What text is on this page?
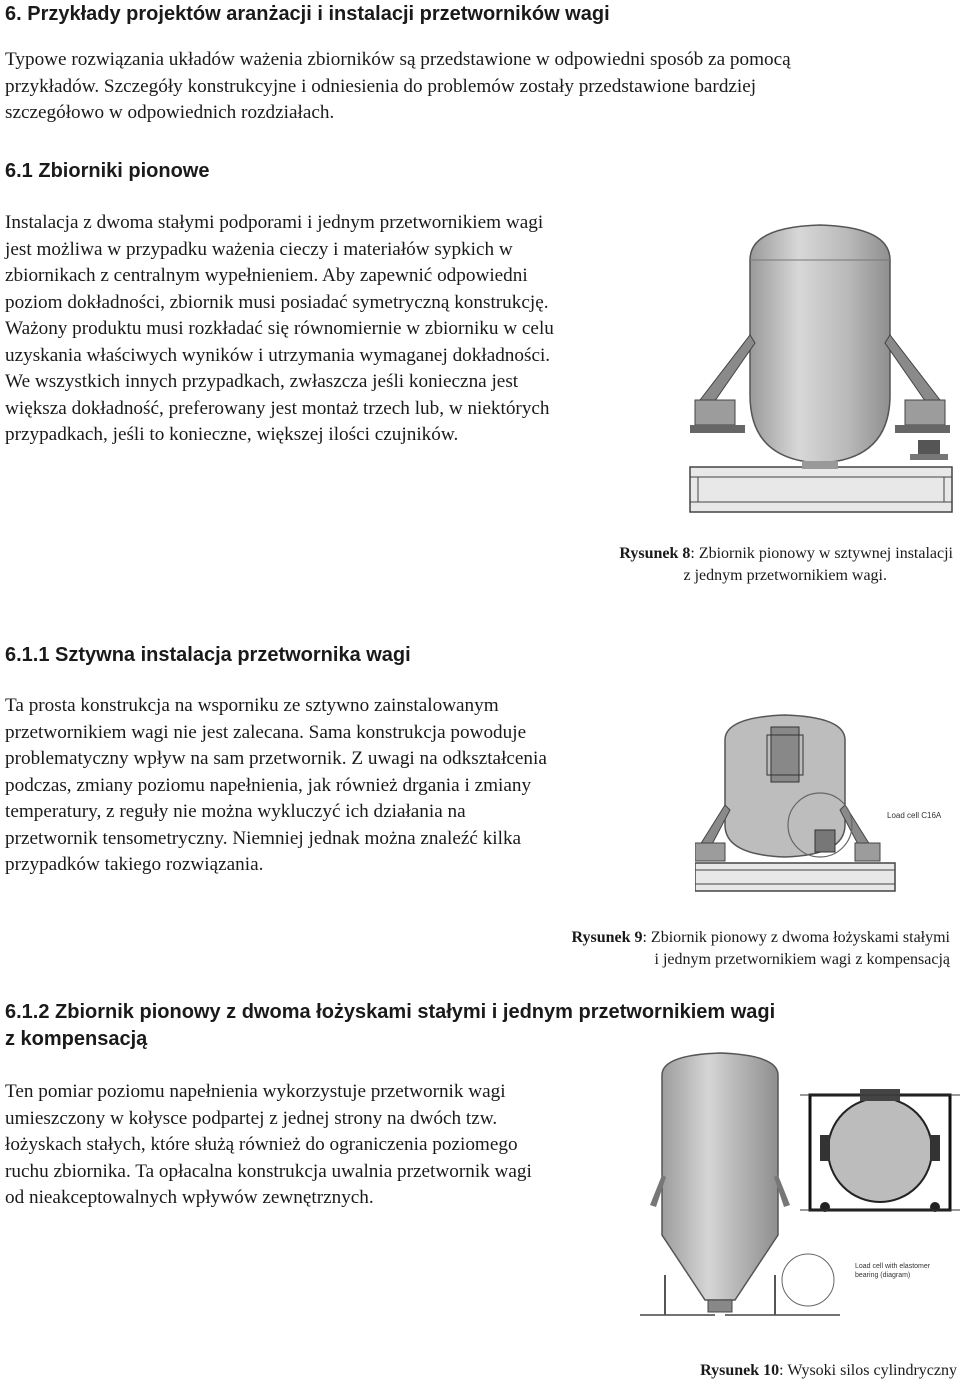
6. Przykłady projektów aranżacji i instalacji przetworników wagi
Typowe rozwiązania układów ważenia zbiorników są przedstawione w odpowiedni sposób za pomocą
przykładów. Szczegóły konstrukcyjne i odniesienia do problemów zostały przedstawione bardziej
szczegółowo w odpowiednich rozdziałach.
6.1 Zbiorniki pionowe
Instalacja z dwoma stałymi podporami i jednym przetwornikiem wagi
jest możliwa w przypadku ważenia cieczy i materiałów sypkich w
zbiornikach z centralnym wypełnieniem. Aby zapewnić odpowiedni
poziom dokładności, zbiornik musi posiadać symetryczną konstrukcję.
Ważony produktu musi rozkładać się równomiernie w zbiorniku w celu
uzyskania właściwych wyników i utrzymania wymaganej dokładności.
We wszystkich innych przypadkach, zwłaszcza jeśli konieczna jest
większa dokładność, preferowany jest montaż trzech lub, w niektórych
przypadkach, jeśli to konieczne, większej ilości czujników.
Rysunek 8: Zbiornik pionowy w sztywnej instalacji
z jednym przetwornikiem wagi.
6.1.1 Sztywna instalacja przetwornika wagi
Ta prosta konstrukcja na wsporniku ze sztywno zainstalowanym
przetwornikiem wagi nie jest zalecana. Sama konstrukcja powoduje
problematyczny wpływ na sam przetwornik. Z uwagi na odkształcenia
podczas, zmiany poziomu napełnienia, jak również drgania i zmiany
temperatury, z reguły nie można wykluczyć ich działania na
przetwornik tensometryczny. Niemniej jednak można znaleźć kilka
przypadków takiego rozwiązania.
Load cell C16A
Rysunek 9: Zbiornik pionowy z dwoma łożyskami stałymi
i jednym przetwornikiem wagi z kompensacją
6.1.2 Zbiornik pionowy z dwoma łożyskami stałymi i jednym przetwornikiem wagi
z kompensacją
Ten pomiar poziomu napełnienia wykorzystuje przetwornik wagi
umieszczony w kołysce podpartej z jednej strony na dwóch tzw.
łożyskach stałych, które służą również do ograniczenia poziomego
ruchu zbiornika. Ta opłacalna konstrukcja uwalnia przetwornik wagi
od nieakceptowalnych wpływów zewnętrznych.
Load cell with elastomer
bearing (diagram)
Rysunek 10: Wysoki silos cylindryczny
